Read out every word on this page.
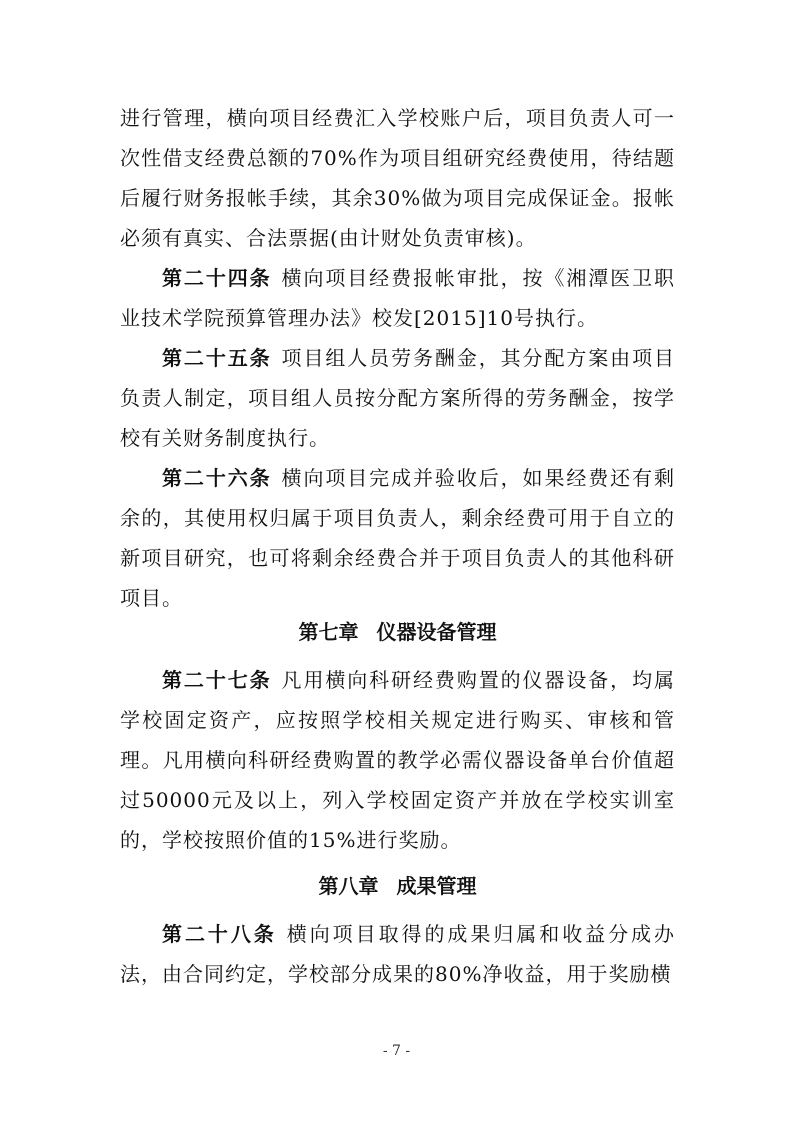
进行管理，横向项目经费汇入学校账户后，项目负责人可一次性借支经费总额的70%作为项目组研究经费使用，待结题后履行财务报帐手续，其余30%做为项目完成保证金。报帐必须有真实、合法票据(由计财处负责审核)。

第二十四条 横向项目经费报帐审批，按《湘潭医卫职业技术学院预算管理办法》校发[2015]10号执行。

第二十五条 项目组人员劳务酬金，其分配方案由项目负责人制定，项目组人员按分配方案所得的劳务酬金，按学校有关财务制度执行。

第二十六条 横向项目完成并验收后，如果经费还有剩余的，其使用权归属于项目负责人，剩余经费可用于自立的新项目研究，也可将剩余经费合并于项目负责人的其他科研项目。

第七章 仪器设备管理

第二十七条 凡用横向科研经费购置的仪器设备，均属学校固定资产，应按照学校相关规定进行购买、审核和管理。凡用横向科研经费购置的教学必需仪器设备单台价值超过50000元及以上，列入学校固定资产并放在学校实训室的，学校按照价值的15%进行奖励。

第八章 成果管理

第二十八条 横向项目取得的成果归属和收益分成办法，由合同约定，学校部分成果的80%净收益，用于奖励横

- 7 -
